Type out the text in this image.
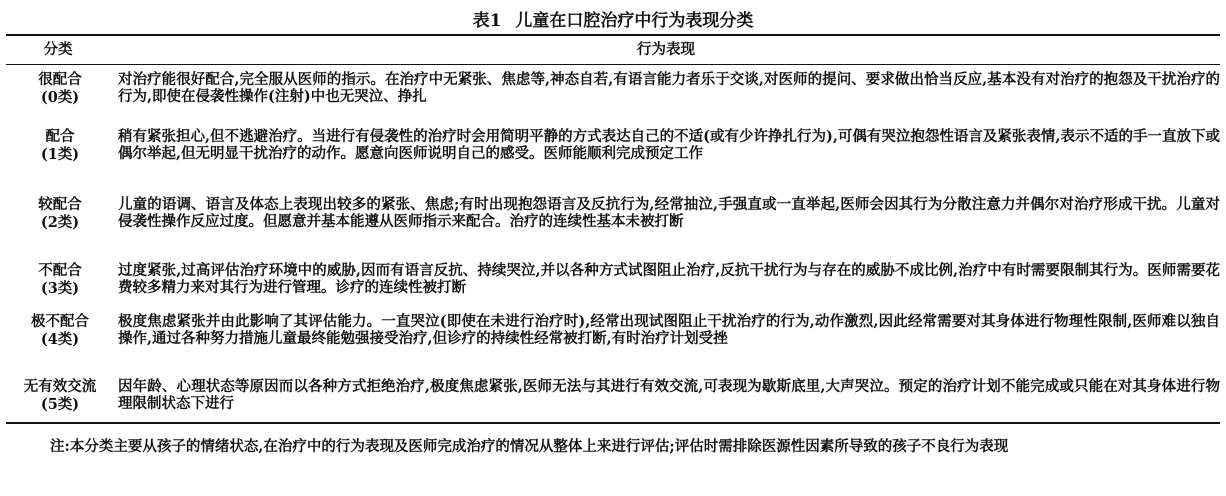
表1 儿童在口腔治疗中行为表现分类
分类	行为表现
很配合
(0类)
对治疗能很好配合,完全服从医师的指示。在治疗中无紧张、焦虑等,神态自若,有语言能力者乐于交谈,对医师的提问、要求做出恰当反应,基本没有对治疗的抱怨及干扰治疗的行为,即使在侵袭性操作(注射)中也无哭泣、挣扎
配合
(1类)
稍有紧张担心,但不逃避治疗。当进行有侵袭性的治疗时会用简明平静的方式表达自己的不适(或有少许挣扎行为),可偶有哭泣抱怨性语言及紧张表情,表示不适的手一直放下或偶尔举起,但无明显干扰治疗的动作。愿意向医师说明自己的感受。医师能顺利完成预定工作
较配合
(2类)
儿童的语调、语言及体态上表现出较多的紧张、焦虑;有时出现抱怨语言及反抗行为,经常抽泣,手强直或一直举起,医师会因其行为分散注意力并偶尔对治疗形成干扰。儿童对侵袭性操作反应过度。但愿意并基本能遵从医师指示来配合。治疗的连续性基本未被打断
不配合
(3类)
过度紧张,过高评估治疗环境中的威胁,因而有语言反抗、持续哭泣,并以各种方式试图阻止治疗,反抗干扰行为与存在的威胁不成比例,治疗中有时需要限制其行为。医师需要花费较多精力来对其行为进行管理。诊疗的连续性被打断
极不配合
(4类)
极度焦虑紧张并由此影响了其评估能力。一直哭泣(即使在未进行治疗时),经常出现试图阻止干扰治疗的行为,动作激烈,因此经常需要对其身体进行物理性限制,医师难以独自操作,通过各种努力措施儿童最终能勉强接受治疗,但诊疗的持续性经常被打断,有时治疗计划受挫
无有效交流
(5类)
因年龄、心理状态等原因而以各种方式拒绝治疗,极度焦虑紧张,医师无法与其进行有效交流,可表现为歇斯底里,大声哭泣。预定的治疗计划不能完成或只能在对其身体进行物理限制状态下进行
注:本分类主要从孩子的情绪状态,在治疗中的行为表现及医师完成治疗的情况从整体上来进行评估;评估时需排除医源性因素所导致的孩子不良行为表现
